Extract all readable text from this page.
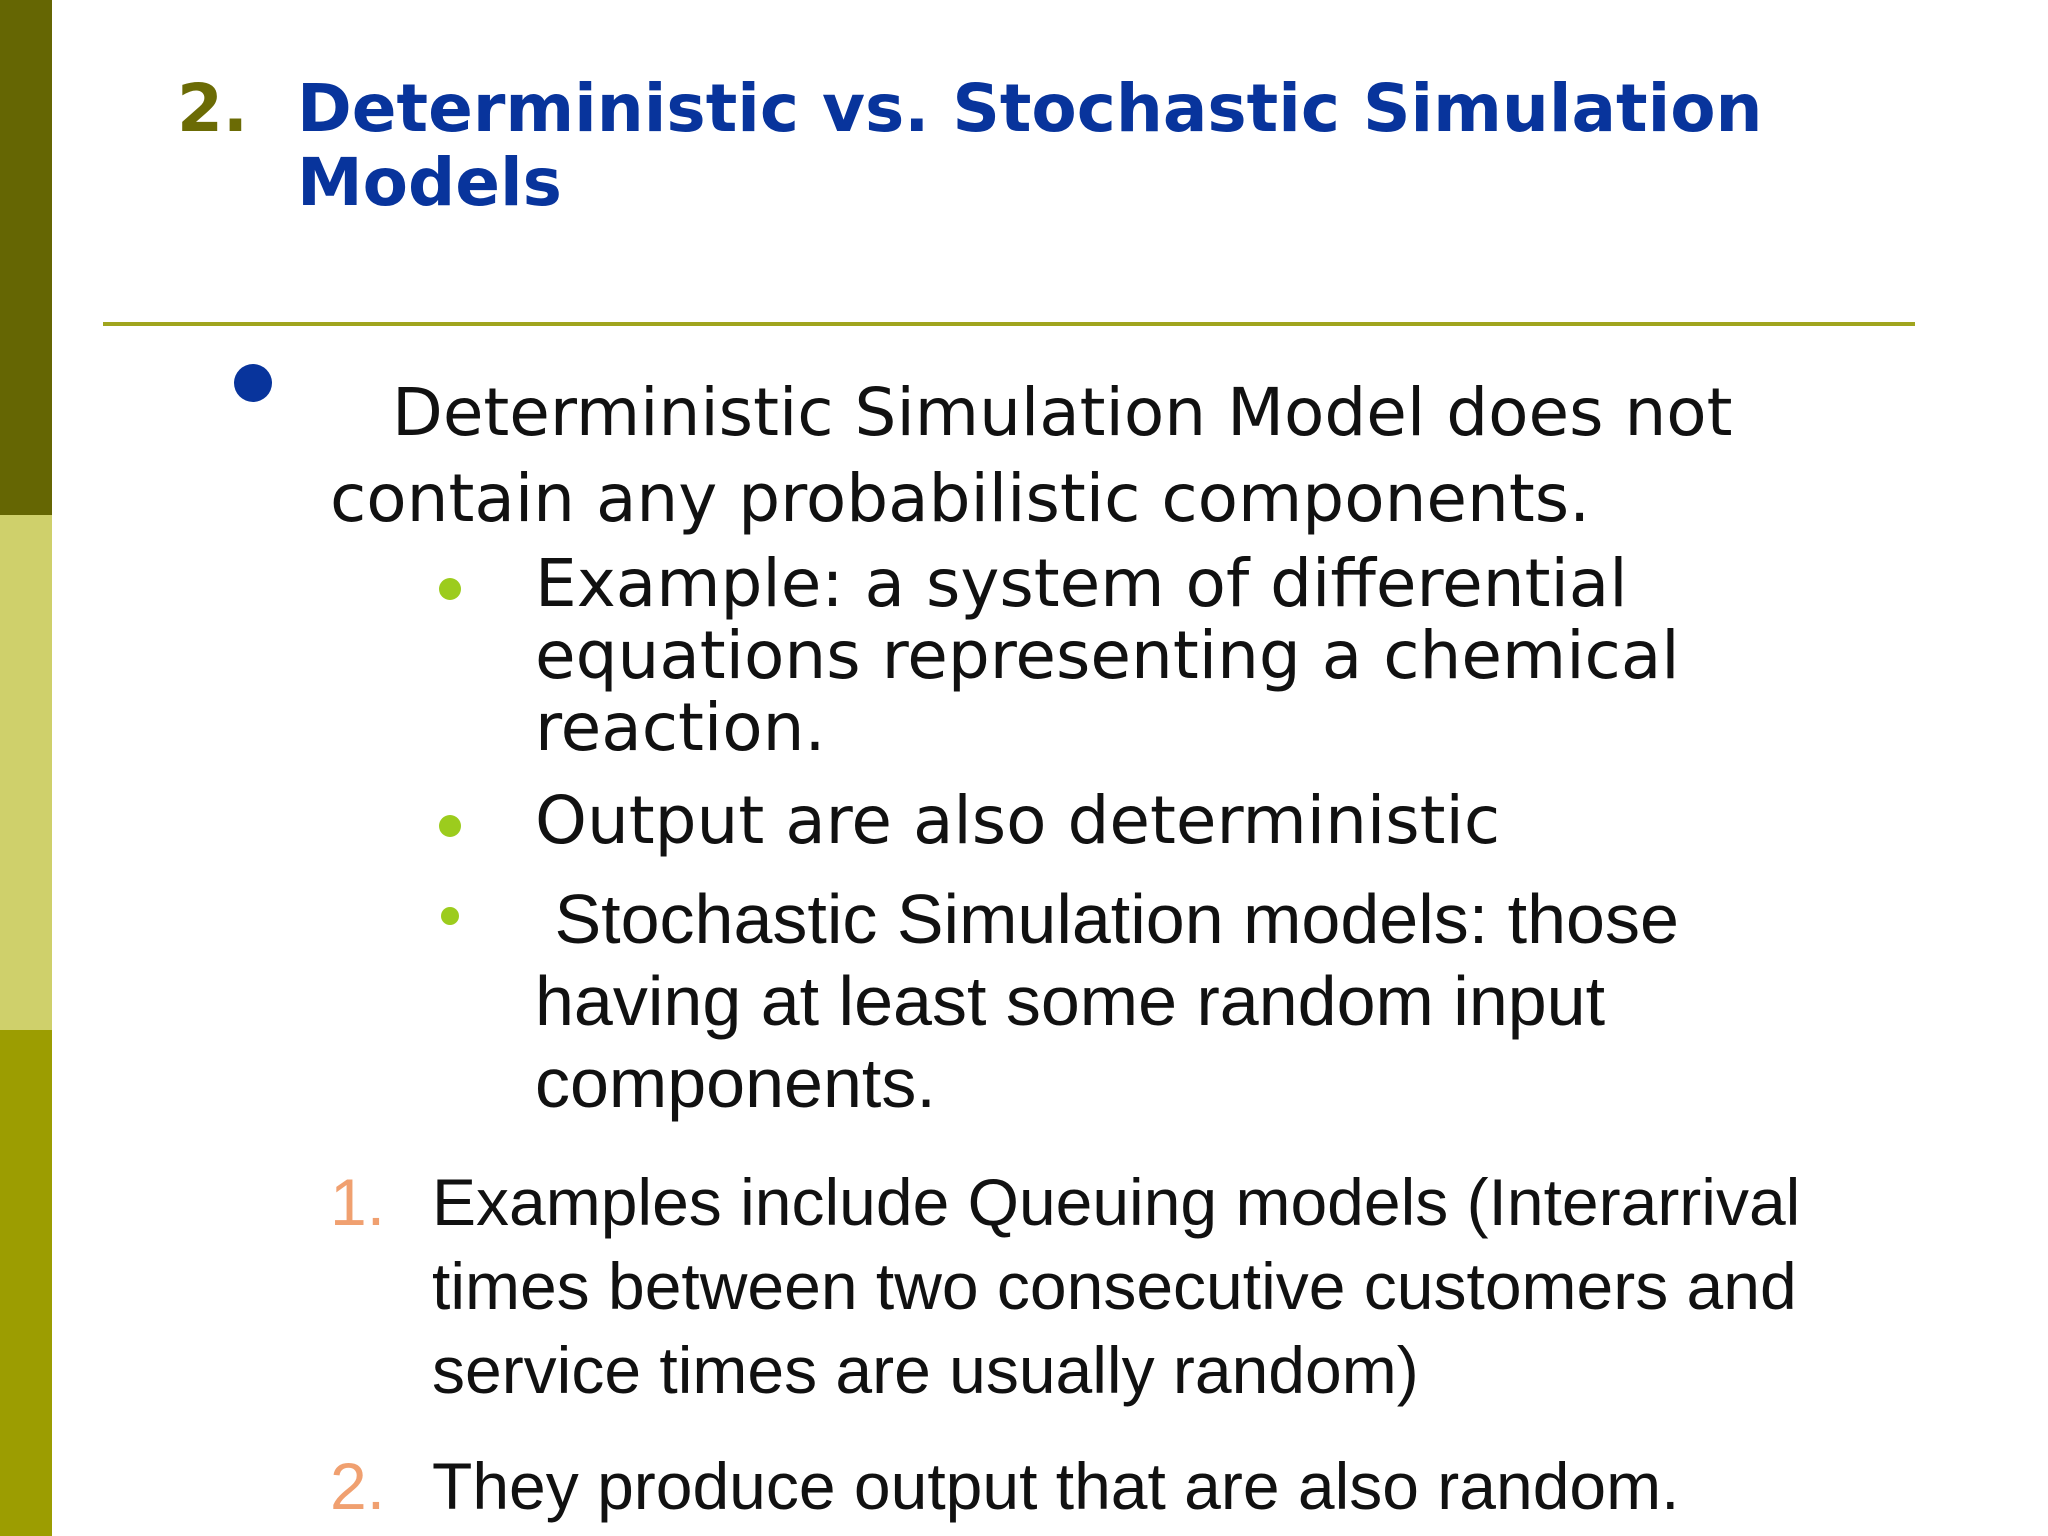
2. Deterministic vs. Stochastic Simulation
Models
Deterministic Simulation Model does not contain any probabilistic components.
Example: a system of differential equations representing a chemical reaction.
Output are also deterministic
Stochastic Simulation models: those having at least some random input components.
1. Examples include Queuing models (Interarrival times between two consecutive customers and service times are usually random)
2. They produce output that are also random.
